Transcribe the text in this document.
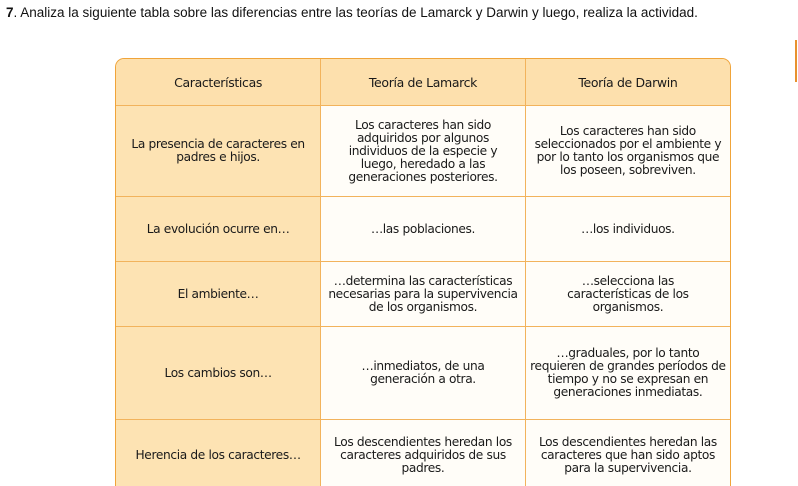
7. Analiza la siguiente tabla sobre las diferencias entre las teorías de Lamarck y Darwin y luego, realiza la actividad.
Características	Teoría de Lamarck	Teoría de Darwin
La presencia de caracteres en padres e hijos.	Los caracteres han sido adquiridos por algunos individuos de la especie y luego, heredado a las generaciones posteriores.	Los caracteres han sido seleccionados por el ambiente y por lo tanto los organismos que los poseen, sobreviven.
La evolución ocurre en…	…las poblaciones.	…los individuos.
El ambiente…	…determina las características necesarias para la supervivencia de los organismos.	…selecciona las características de los organismos.
Los cambios son…	…inmediatos, de una generación a otra.	…graduales, por lo tanto requieren de grandes períodos de tiempo y no se expresan en generaciones inmediatas.
Herencia de los caracteres…	Los descendientes heredan los caracteres adquiridos de sus padres.	Los descendientes heredan las caracteres que han sido aptos para la supervivencia.
